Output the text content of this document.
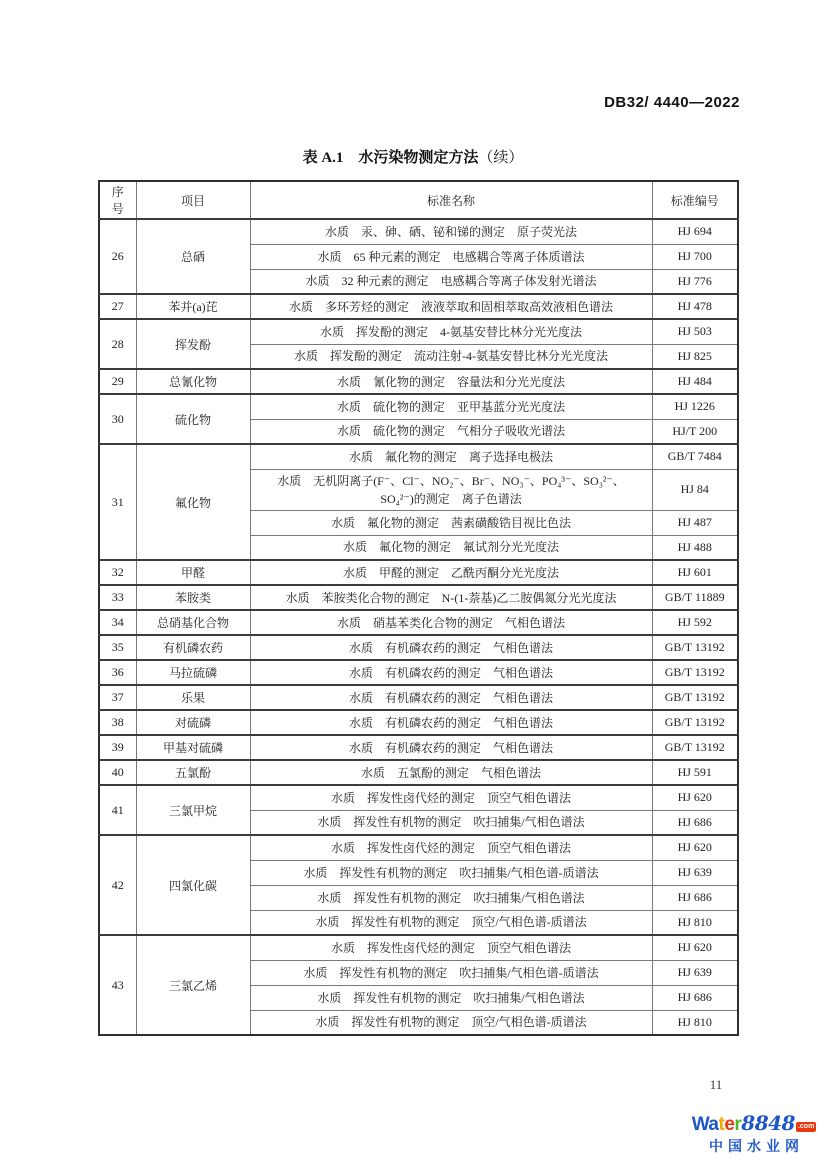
DB32/ 4440—2022
表 A.1　水污染物测定方法（续）
序号	项目	标准名称	标准编号
26	总硒	水质　汞、砷、硒、铋和锑的测定　原子荧光法	HJ 694
		水质　65 种元素的测定　电感耦合等离子体质谱法	HJ 700
		水质　32 种元素的测定　电感耦合等离子体发射光谱法	HJ 776
27	苯并(a)芘	水质　多环芳烃的测定　液液萃取和固相萃取高效液相色谱法	HJ 478
28	挥发酚	水质　挥发酚的测定　4-氨基安替比林分光光度法	HJ 503
		水质　挥发酚的测定　流动注射-4-氨基安替比林分光光度法	HJ 825
29	总氰化物	水质　氰化物的测定　容量法和分光光度法	HJ 484
30	硫化物	水质　硫化物的测定　亚甲基蓝分光光度法	HJ 1226
		水质　硫化物的测定　气相分子吸收光谱法	HJ/T 200
31	氟化物	水质　氟化物的测定　离子选择电极法	GB/T 7484
		水质　无机阴离子(F⁻、Cl⁻、NO₂⁻、Br⁻、NO₃⁻、PO₄³⁻、SO₃²⁻、SO₄²⁻)的测定　离子色谱法	HJ 84
		水质　氟化物的测定　茜素磺酸锆目视比色法	HJ 487
		水质　氟化物的测定　氟试剂分光光度法	HJ 488
32	甲醛	水质　甲醛的测定　乙酰丙酮分光光度法	HJ 601
33	苯胺类	水质　苯胺类化合物的测定　N-(1-萘基)乙二胺偶氮分光光度法	GB/T 11889
34	总硝基化合物	水质　硝基苯类化合物的测定　气相色谱法	HJ 592
35	有机磷农药	水质　有机磷农药的测定　气相色谱法	GB/T 13192
36	马拉硫磷	水质　有机磷农药的测定　气相色谱法	GB/T 13192
37	乐果	水质　有机磷农药的测定　气相色谱法	GB/T 13192
38	对硫磷	水质　有机磷农药的测定　气相色谱法	GB/T 13192
39	甲基对硫磷	水质　有机磷农药的测定　气相色谱法	GB/T 13192
40	五氯酚	水质　五氯酚的测定　气相色谱法	HJ 591
41	三氯甲烷	水质　挥发性卤代烃的测定　顶空气相色谱法	HJ 620
		水质　挥发性有机物的测定　吹扫捕集/气相色谱法	HJ 686
42	四氯化碳	水质　挥发性卤代烃的测定　顶空气相色谱法	HJ 620
		水质　挥发性有机物的测定　吹扫捕集/气相色谱-质谱法	HJ 639
		水质　挥发性有机物的测定　吹扫捕集/气相色谱法	HJ 686
		水质　挥发性有机物的测定　顶空/气相色谱-质谱法	HJ 810
43	三氯乙烯	水质　挥发性卤代烃的测定　顶空气相色谱法	HJ 620
		水质　挥发性有机物的测定　吹扫捕集/气相色谱-质谱法	HJ 639
		水质　挥发性有机物的测定　吹扫捕集/气相色谱法	HJ 686
		水质　挥发性有机物的测定　顶空/气相色谱-质谱法	HJ 810
11
Water8848 .com
中国水业网
